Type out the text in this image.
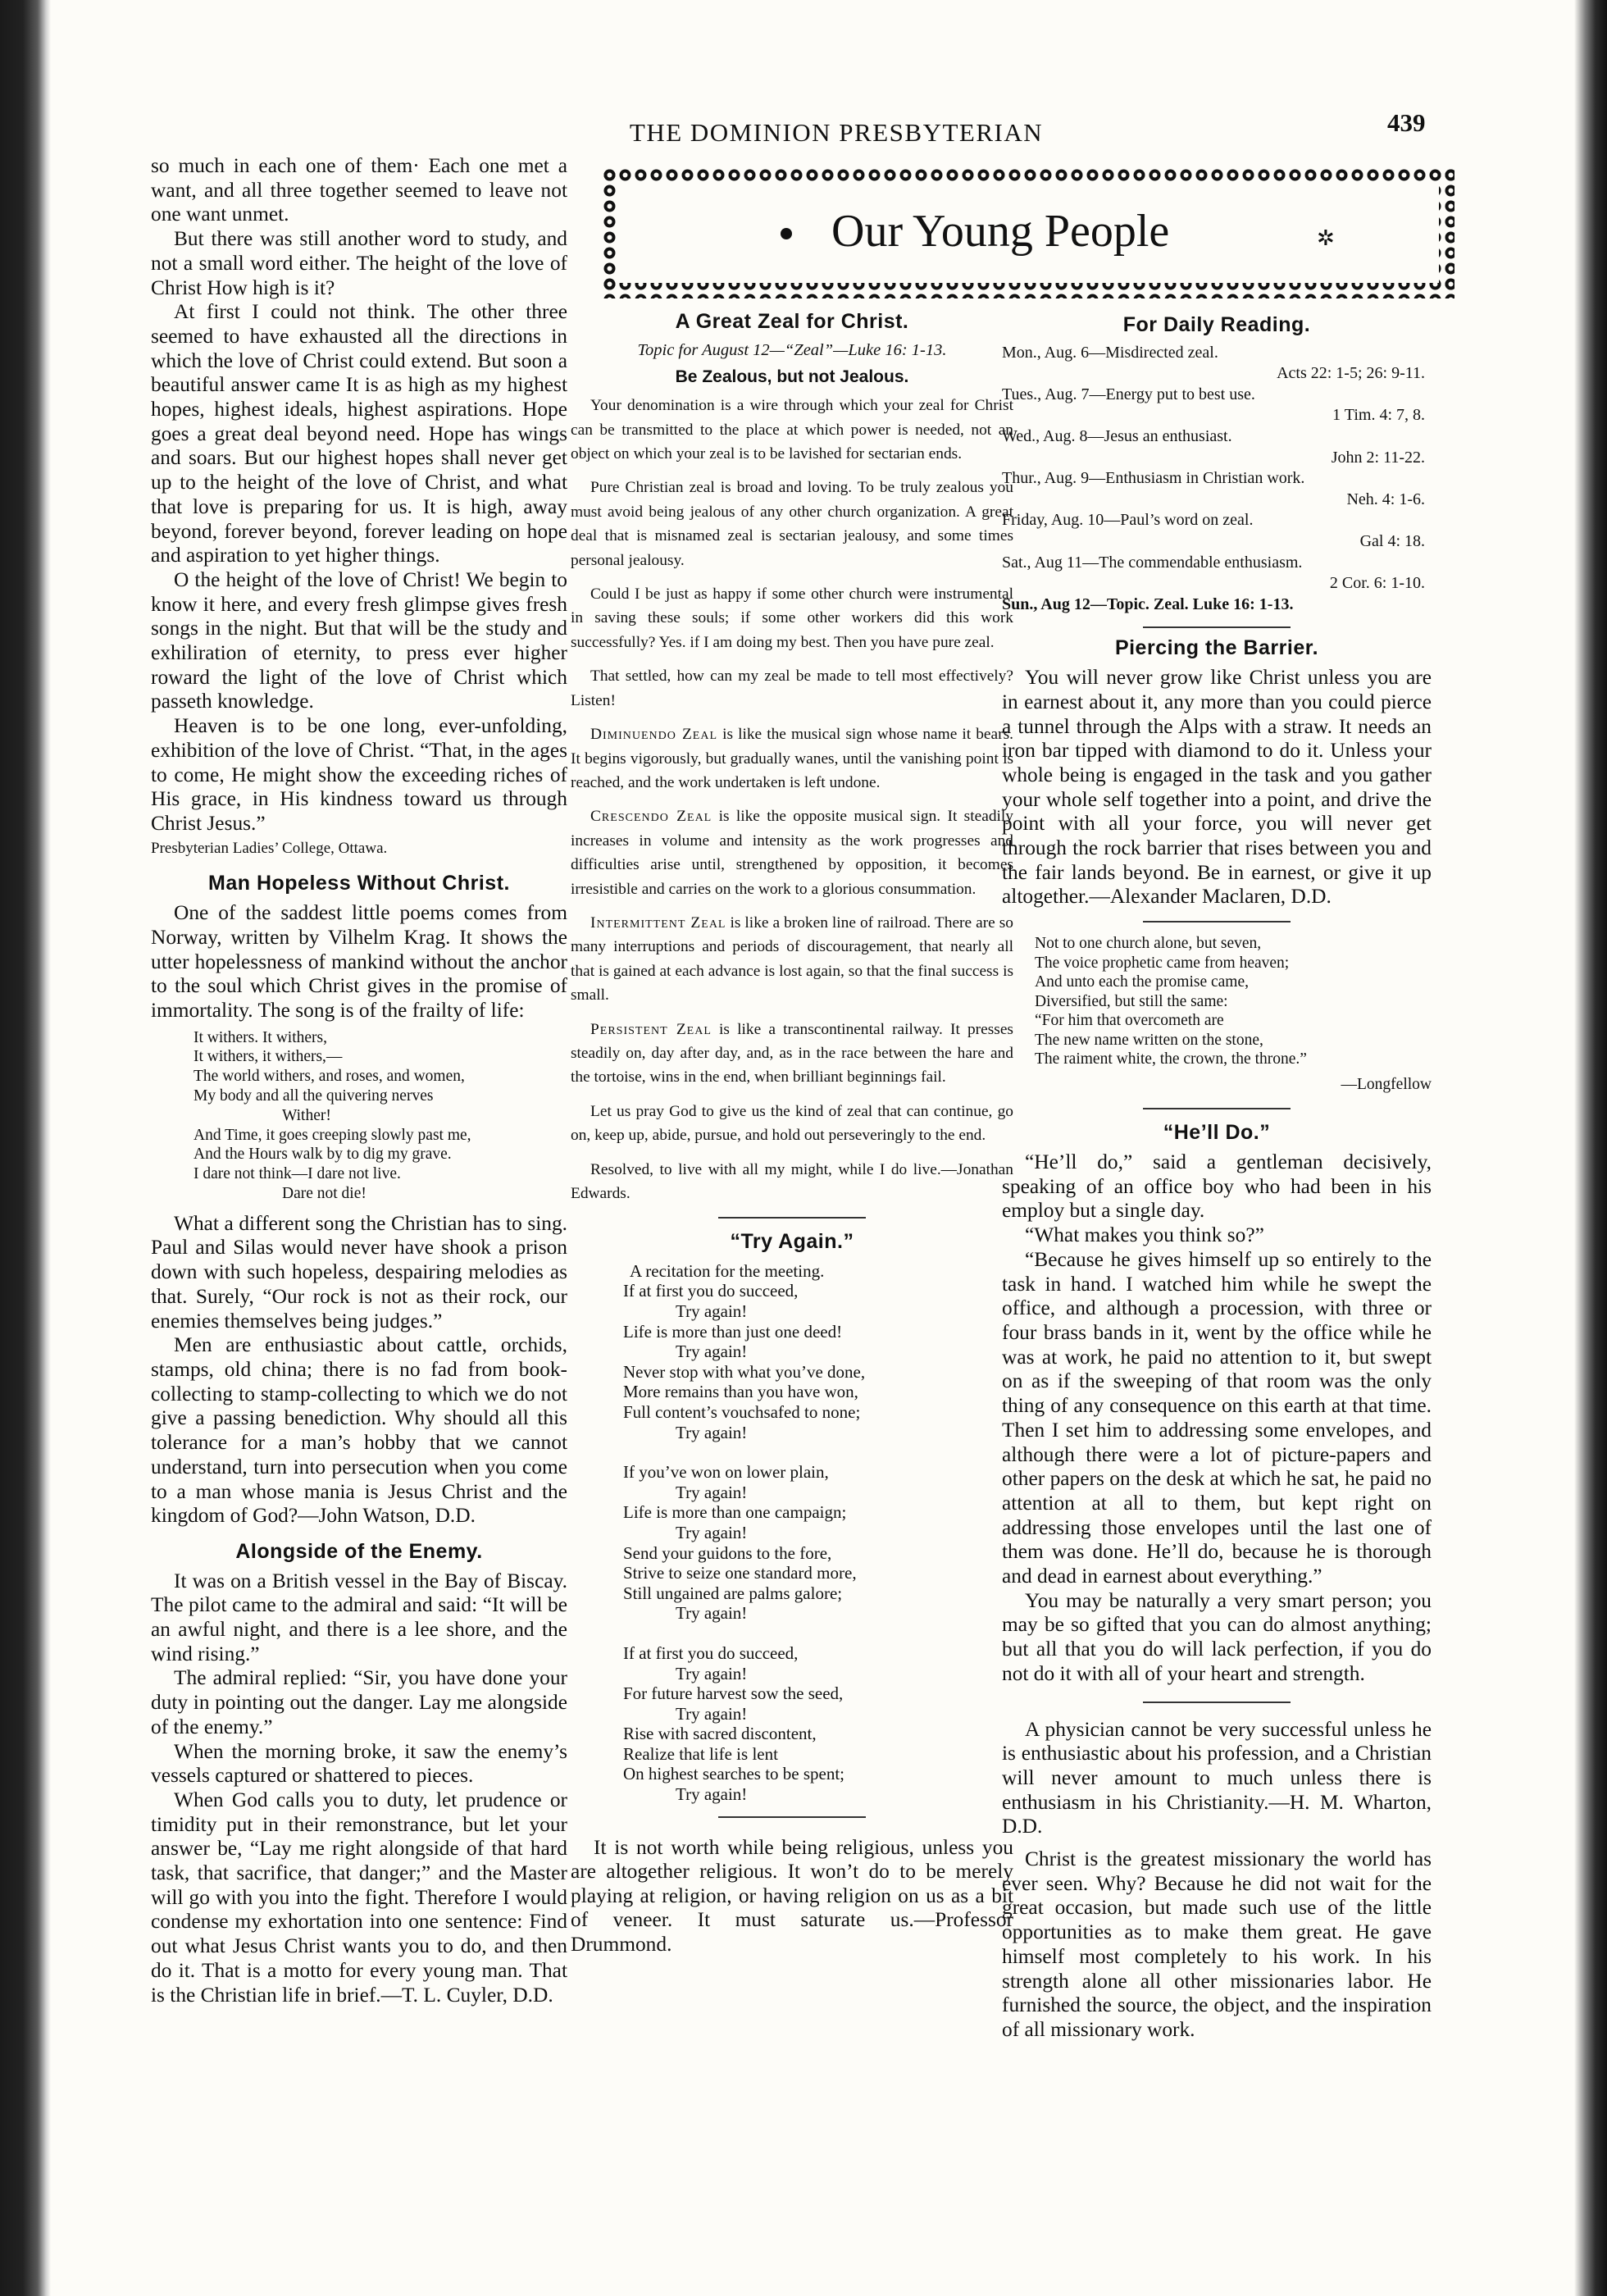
THE DOMINION PRESBYTERIAN	439
Our Young People	✲

so much in each one of them· Each one met a want, and all three together seemed to leave not one want unmet.

But there was still another word to study, and not a small word either. The height of the love of Christ How high is it?

At first I could not think. The other three seemed to have exhausted all the directions in which the love of Christ could extend. But soon a beautiful answer came It is as high as my highest hopes, highest ideals, highest aspirations. Hope goes a great deal beyond need. Hope has wings and soars. But our highest hopes shall never get up to the height of the love of Christ, and what that love is preparing for us. It is high, away beyond, forever beyond, forever leading on hope and aspiration to yet higher things.

O the height of the love of Christ! We begin to know it here, and every fresh glimpse gives fresh songs in the night. But that will be the study and exhiliration of eternity, to press ever higher roward the light of the love of Christ which passeth knowledge.

Heaven is to be one long, ever-unfolding, exhibition of the love of Christ. “That, in the ages to come, He might show the exceeding riches of His grace, in His kindness toward us through Christ Jesus.”

Presbyterian Ladies’ College, Ottawa.

Man Hopeless Without Christ.

One of the saddest little poems comes from Norway, written by Vilhelm Krag. It shows the utter hopelessness of mankind without the anchor to the soul which Christ gives in the promise of immortality. The song is of the frailty of life:

It withers. It withers,
It withers, it withers,—
The world withers, and roses, and women,
My body and all the quivering nerves
Wither!
And Time, it goes creeping slowly past me,
And the Hours walk by to dig my grave.
I dare not think—I dare not live.
Dare not die!

What a different song the Christian has to sing. Paul and Silas would never have shook a prison down with such hopeless, despairing melodies as that. Surely, “Our rock is not as their rock, our enemies themselves being judges.”

Men are enthusiastic about cattle, orchids, stamps, old china; there is no fad from book-collecting to stamp-collecting to which we do not give a passing benediction. Why should all this tolerance for a man’s hobby that we cannot understand, turn into persecution when you come to a man whose mania is Jesus Christ and the kingdom of God?—John Watson, D.D.

Alongside of the Enemy.

It was on a British vessel in the Bay of Biscay. The pilot came to the admiral and said: “It will be an awful night, and there is a lee shore, and the wind rising.”

The admiral replied: “Sir, you have done your duty in pointing out the danger. Lay me alongside of the enemy.”

When the morning broke, it saw the enemy’s vessels captured or shattered to pieces.

When God calls you to duty, let prudence or timidity put in their remonstrance, but let your answer be, “Lay me right alongside of that hard task, that sacrifice, that danger;” and the Master will go with you into the fight. Therefore I would condense my exhortation into one sentence: Find out what Jesus Christ wants you to do, and then do it. That is a motto for every young man. That is the Christian life in brief.—T. L. Cuyler, D.D.

A Great Zeal for Christ.

Topic for August 12—“Zeal”—Luke 16: 1-13.

Be Zealous, but not Jealous.

Your denomination is a wire through which your zeal for Christ can be transmitted to the place at which power is needed, not an object on which your zeal is to be lavished for sectarian ends.

Pure Christian zeal is broad and loving. To be truly zealous you must avoid being jealous of any other church organization. A great deal that is misnamed zeal is sectarian jealousy, and some times personal jealousy.

Could I be just as happy if some other church were instrumental in saving these souls; if some other workers did this work successfully? Yes. if I am doing my best. Then you have pure zeal.

That settled, how can my zeal be made to tell most effectively? Listen!

Diminuendo Zeal is like the musical sign whose name it bears. It begins vigorously, but gradually wanes, until the vanishing point is reached, and the work undertaken is left undone.

Crescendo Zeal is like the opposite musical sign. It steadily increases in volume and intensity as the work progresses and difficulties arise until, strengthened by opposition, it becomes irresistible and carries on the work to a glorious consummation.

Intermittent Zeal is like a broken line of railroad. There are so many interruptions and periods of discouragement, that nearly all that is gained at each advance is lost again, so that the final success is small.

Persistent Zeal is like a transcontinental railway. It presses steadily on, day after day, and, as in the race between the hare and the tortoise, wins in the end, when brilliant beginnings fail.

Let us pray God to give us the kind of zeal that can continue, go on, keep up, abide, pursue, and hold out perseveringly to the end.

Resolved, to live with all my might, while I do live.—Jonathan Edwards.

“Try Again.”
A recitation for the meeting.
If at first you do succeed,
Try again!
Life is more than just one deed!
Try again!
Never stop with what you’ve done,
More remains than you have won,
Full content’s vouchsafed to none;
Try again!
If you’ve won on lower plain,
Try again!
Life is more than one campaign;
Try again!
Send your guidons to the fore,
Strive to seize one standard more,
Still ungained are palms galore;
Try again!
If at first you do succeed,
Try again!
For future harvest sow the seed,
Try again!
Rise with sacred discontent,
Realize that life is lent
On highest searches to be spent;
Try again!

It is not worth while being religious, unless you are altogether religious. It won’t do to be merely playing at religion, or having religion on us as a bit of veneer. It must saturate us.—Professor Drummond.

For Daily Reading.
Mon., Aug. 6—Misdirected zeal.
Acts 22: 1-5; 26: 9-11.
Tues., Aug. 7—Energy put to best use.
1 Tim. 4: 7, 8.
Wed., Aug. 8—Jesus an enthusiast.
John 2: 11-22.
Thur., Aug. 9—Enthusiasm in Christian work.
Neh. 4: 1-6.
Friday, Aug. 10—Paul’s word on zeal.
Gal 4: 18.
Sat., Aug 11—The commendable enthusiasm.
2 Cor. 6: 1-10.
Sun., Aug 12—Topic. Zeal. Luke 16: 1-13.
Piercing the Barrier.

You will never grow like Christ unless you are in earnest about it, any more than you could pierce a tunnel through the Alps with a straw. It needs an iron bar tipped with diamond to do it. Unless your whole being is engaged in the task and you gather your whole self together into a point, and drive the point with all your force, you will never get through the rock barrier that rises between you and the fair lands beyond. Be in earnest, or give it up altogether.—Alexander Maclaren, D.D.

Not to one church alone, but seven,
The voice prophetic came from heaven;
And unto each the promise came,
Diversified, but still the same:
“For him that overcometh are
The new name written on the stone,
The raiment white, the crown, the throne.”
—Longfellow
“He’ll Do.”

“He’ll do,” said a gentleman decisively, speaking of an office boy who had been in his employ but a single day.

“What makes you think so?”

“Because he gives himself up so entirely to the task in hand. I watched him while he swept the office, and although a procession, with three or four brass bands in it, went by the office while he was at work, he paid no attention to it, but swept on as if the sweeping of that room was the only thing of any consequence on this earth at that time. Then I set him to addressing some envelopes, and although there were a lot of picture-papers and other papers on the desk at which he sat, he paid no attention at all to them, but kept right on addressing those envelopes until the last one of them was done. He’ll do, because he is thorough and dead in earnest about everything.”

You may be naturally a very smart person; you may be so gifted that you can do almost anything; but all that you do will lack perfection, if you do not do it with all of your heart and strength.

A physician cannot be very successful unless he is enthusiastic about his profession, and a Christian will never amount to much unless there is enthusiasm in his Christianity.—H. M. Wharton, D.D.

Christ is the greatest missionary the world has ever seen. Why? Because he did not wait for the great occasion, but made such use of the little opportunities as to make them great. He gave himself most completely to his work. In his strength alone all other missionaries labor. He furnished the source, the object, and the inspiration of all missionary work.
